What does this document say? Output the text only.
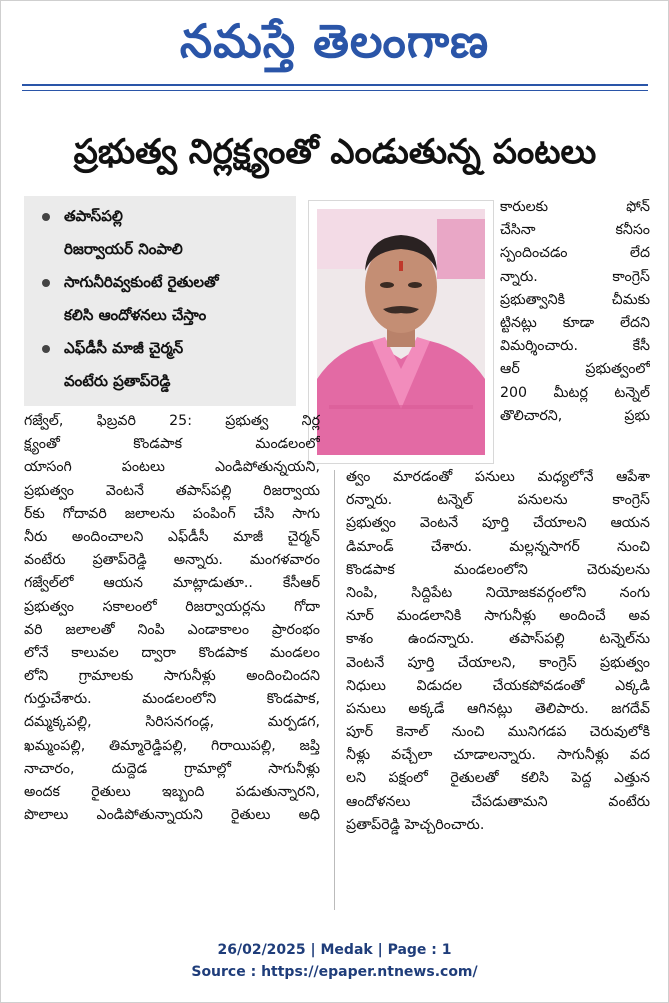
నమస్తే తెలంగాణ
ప్రభుత్వ నిర్లక్ష్యంతో ఎండుతున్న పంటలు
తపాస్‌పల్లి
రిజర్వాయర్ నింపాలి
సాగునీరివ్వకుంటే రైతులతో
కలిసి ఆందోళనలు చేస్తాం
ఎఫ్‌డీసీ మాజీ చైర్మన్
వంటేరు ప్రతాప్‌రెడ్డి
కారులకు ఫోన్
చేసినా కనీసం
స్పందించడం లేద
న్నారు. కాంగ్రెస్
ప్రభుత్వానికి చీమకు
ట్టినట్లు కూడా లేదని
విమర్శించారు. కేసీ
ఆర్ ప్రభుత్వంలో
200 మీటర్ల టన్నెల్
తొలిచారని, ప్రభు
గజ్వేల్, ఫిబ్రవరి 25: ప్రభుత్వ నిర్ల
క్ష్యంతో కొండపాక మండలంలో
యాసంగి పంటలు ఎండిపోతున్నయని,
ప్రభుత్వం వెంటనే తపాస్‌పల్లి రిజర్వాయ
ర్‌కు గోదావరి జలాలను పంపింగ్ చేసి సాగు
నీరు అందించాలని ఎఫ్‌డీసీ మాజీ చైర్మన్
వంటేరు ప్రతాప్‌రెడ్డి అన్నారు. మంగళవారం
గజ్వేల్‌లో ఆయన మాట్లాడుతూ.. కేసీఆర్
ప్రభుత్వం సకాలంలో రిజర్వాయర్లను గోదా
వరి జలాలతో నింపి ఎండాకాలం ప్రారంభం
లోనే కాలువల ద్వారా కొండపాక మండలం
లోని గ్రామాలకు సాగునీళ్లు అందించిందని
గుర్తుచేశారు. మండలంలోని కొండపాక,
దమ్మక్కపల్లి, సిరిసనగండ్ల, మర్పడగ,
ఖమ్మంపల్లి, తిమ్మారెడ్డిపల్లి, గిరాయిపల్లి, జప్తి
నాచారం, దుద్దెడ గ్రామాల్లో సాగునీళ్లు
అందక రైతులు ఇబ్బంది పడుతున్నారని,
పొలాలు ఎండిపోతున్నాయని రైతులు అధి
త్వం మారడంతో పనులు మధ్యలోనే ఆపేశా
రన్నారు. టన్నెల్ పనులను కాంగ్రెస్
ప్రభుత్వం వెంటనే పూర్తి చేయాలని ఆయన
డిమాండ్ చేశారు. మల్లన్నసాగర్ నుంచి
కొండపాక మండలంలోని చెరువులను
నింపి, సిద్దిపేట నియోజకవర్గంలోని నంగు
నూర్ మండలానికి సాగునీళ్లు అందించే అవ
కాశం ఉందన్నారు. తపాస్‌పల్లి టన్నెల్‌ను
వెంటనే పూర్తి చేయాలని, కాంగ్రెస్ ప్రభుత్వం
నిధులు విడుదల చేయకపోవడంతో ఎక్కడి
పనులు అక్కడే ఆగినట్లు తెలిపారు. జగదేవ్
పూర్ కెనాల్ నుంచి మునిగడప చెరువులోకి
నీళ్లు వచ్చేలా చూడాలన్నారు. సాగునీళ్లు వద
లని పక్షంలో రైతులతో కలిసి పెద్ద ఎత్తున
ఆందోళనలు చేపడుతామని వంటేరు
ప్రతాప్‌రెడ్డి హెచ్చరించారు.
26/02/2025 | Medak | Page : 1
Source : https://epaper.ntnews.com/
